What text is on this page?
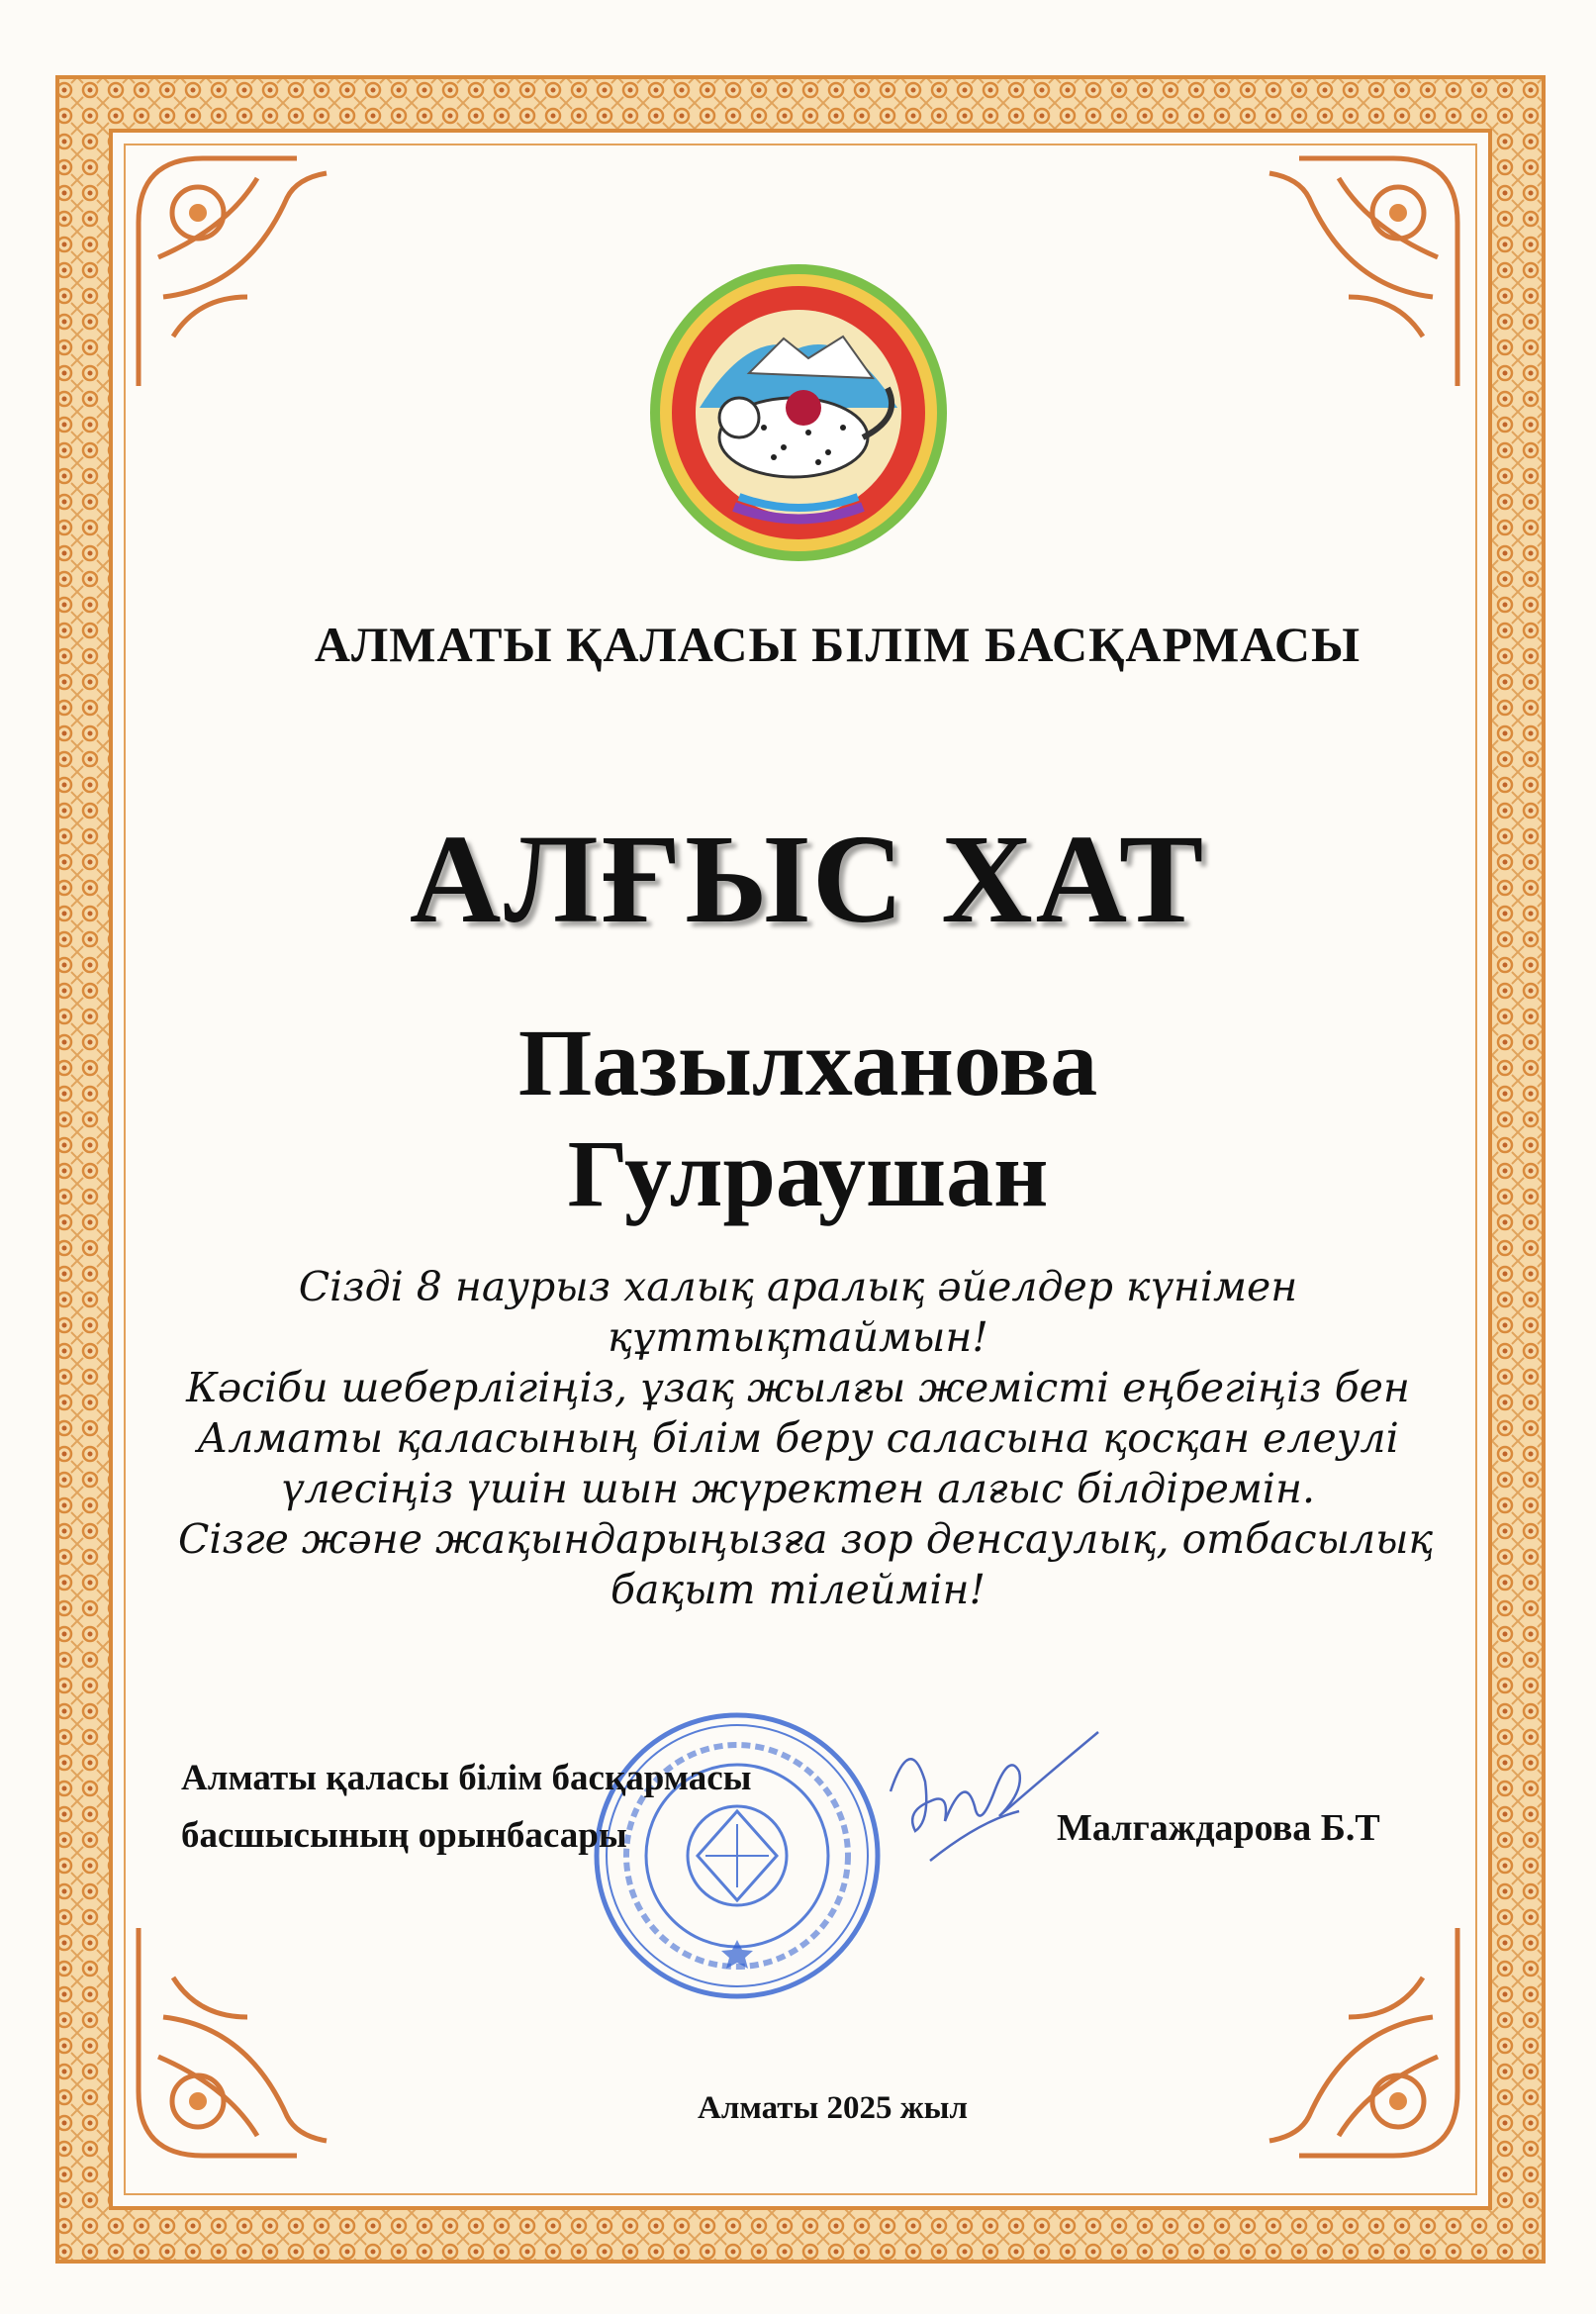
АЛМАТЫ ҚАЛАСЫ БІЛІМ БАСҚАРМАСЫ
АЛҒЫС ХАТ
Пазылханова
Гулраушан
Сізді 8 наурыз халық аралық әйелдер күнімен
құттықтаймын!
Кәсіби шеберлігіңіз, ұзақ жылғы жемісті еңбегіңіз бен
Алматы қаласының білім беру саласына қосқан елеулі
үлесіңіз үшін шын жүректен алғыс білдіремін.
Сізге және жақындарыңызға зор денсаулық, отбасылық
бақыт тілеймін!
Алматы қаласы білім басқармасы
басшысының орынбасары	Малгаждарова Б.Т
Алматы 2025 жыл
